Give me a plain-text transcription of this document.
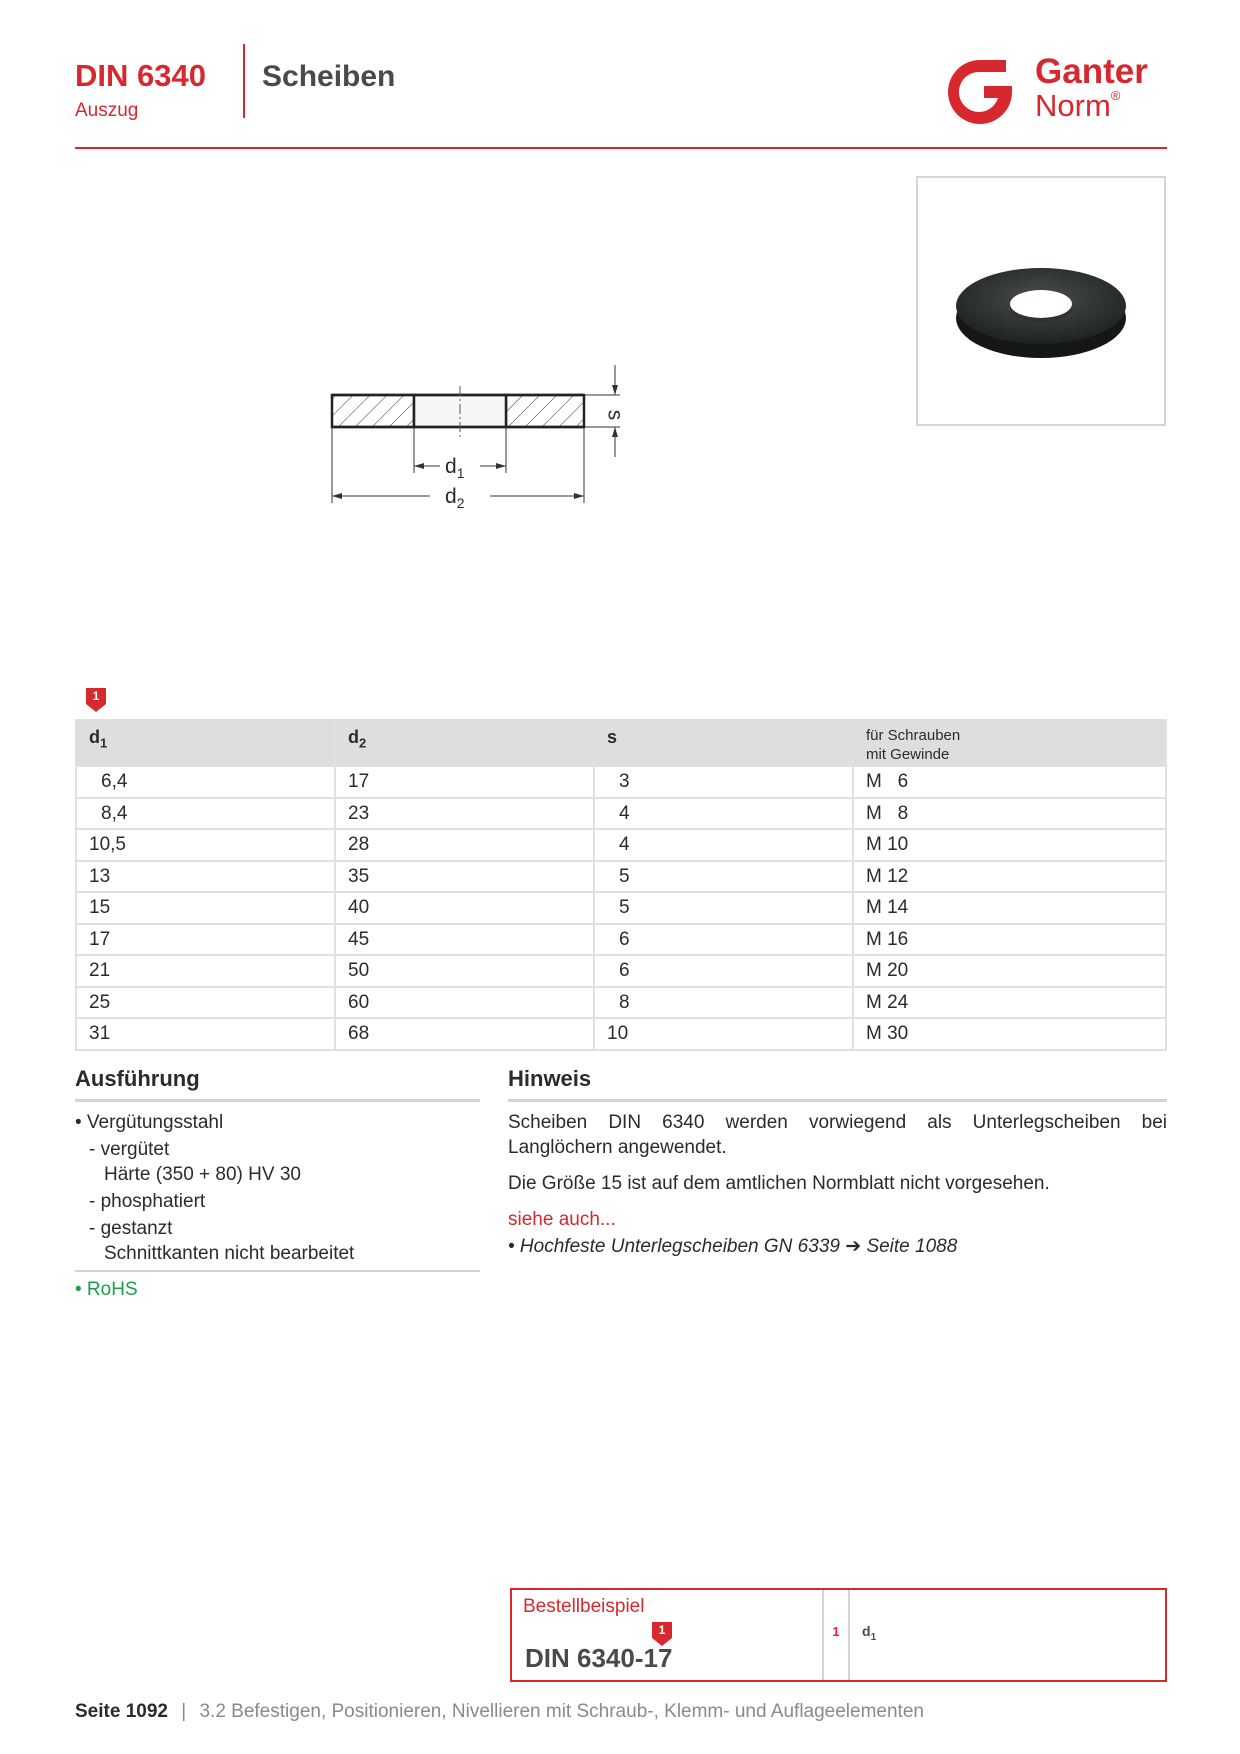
DIN 6340
Auszug
Scheiben	Ganter
Norm®
$d_1$
$d_2$
s
1
$d_1$	$d_2$	s	für Schrauben
mit Gewinde
6,4	17	3	M   6
8,4	23	4	M   8
10,5	28	4	M 10
13	35	5	M 12
15	40	5	M 14
17	45	6	M 16
21	50	6	M 20
25	60	8	M 24
31	68	10	M 30
Ausführung
• Vergütungsstahl
- vergütet
Härte (350 + 80) HV 30
- phosphatiert
- gestanzt
Schnittkanten nicht bearbeitet
• RoHS
Hinweis
Scheiben DIN 6340 werden vorwiegend als Unterlegscheiben bei
Langlöchern angewendet.
Die Größe 15 ist auf dem amtlichen Normblatt nicht vorgesehen.
siehe auch...
• Hochfeste Unterlegscheiben GN 6339 ➔ Seite 1088
Bestellbeispiel
1
DIN 6340-17
1	$d_1$
Seite 1092 | 3.2 Befestigen, Positionieren, Nivellieren mit Schraub-, Klemm- und Auflageelementen
